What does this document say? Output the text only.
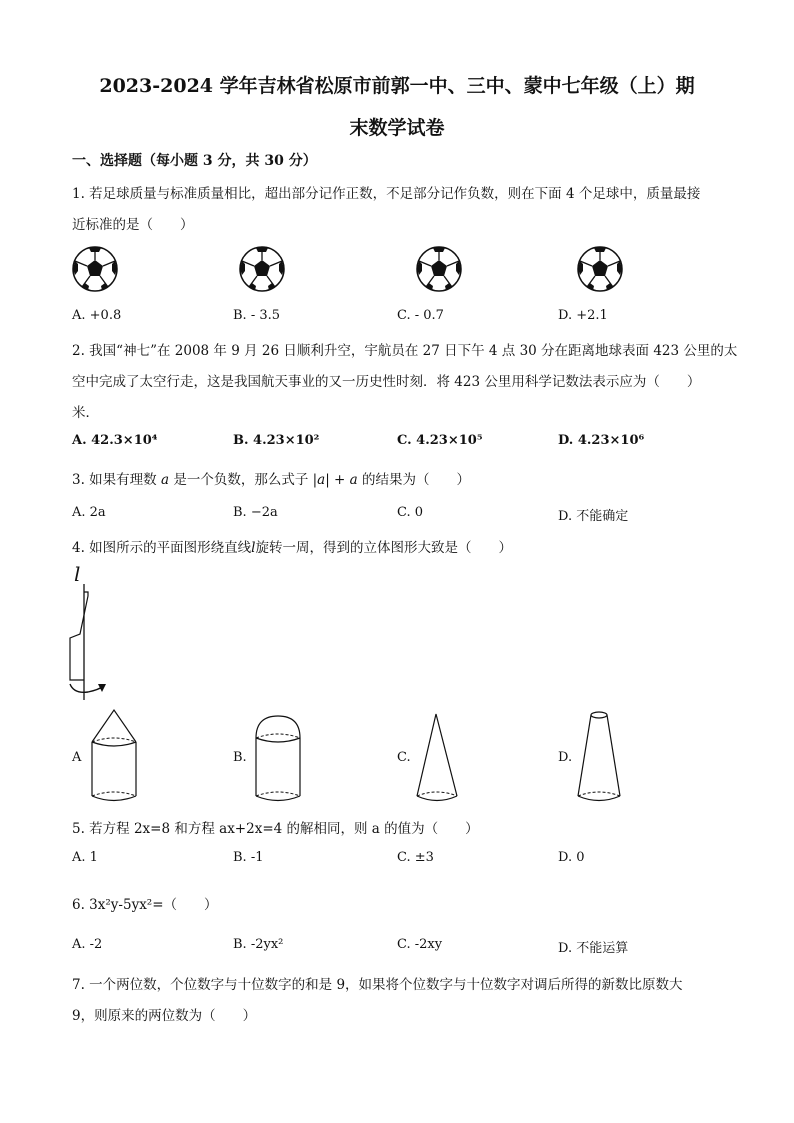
2023-2024 学年吉林省松原市前郭一中、三中、蒙中七年级（上）期
末数学试卷
一、选择题（每小题 3 分，共 30 分）
1. 若足球质量与标准质量相比，超出部分记作正数，不足部分记作负数，则在下面 4 个足球中，质量最接
近标准的是（　　）
A. +0.8	B. - 3.5	C. - 0.7	D. +2.1
2. 我国“神七”在 2008 年 9 月 26 日顺利升空，宇航员在 27 日下午 4 点 30 分在距离地球表面 423 公里的太
空中完成了太空行走，这是我国航天事业的又一历史性时刻．将 423 公里用科学记数法表示应为（　　）
米．
A. 42.3×10⁴	B. 4.23×10²	C. 4.23×10⁵	D. 4.23×10⁶
3. 如果有理数 a 是一个负数，那么式子 |a| + a 的结果为（　　）
A. 2a	B. −2a	C. 0	D. 不能确定
4. 如图所示的平面图形绕直线l旋转一周，得到的立体图形大致是（　　）
l
A	B.	C.	D.
5. 若方程 2x=8 和方程 ax+2x=4 的解相同，则 a 的值为（　　）
A. 1	B. -1	C. ±3	D. 0
6. 3x²y-5yx²=（　　）
A. -2	B. -2yx²	C. -2xy	D. 不能运算
7. 一个两位数，个位数字与十位数字的和是 9，如果将个位数字与十位数字对调后所得的新数比原数大
9，则原来的两位数为（　　）
